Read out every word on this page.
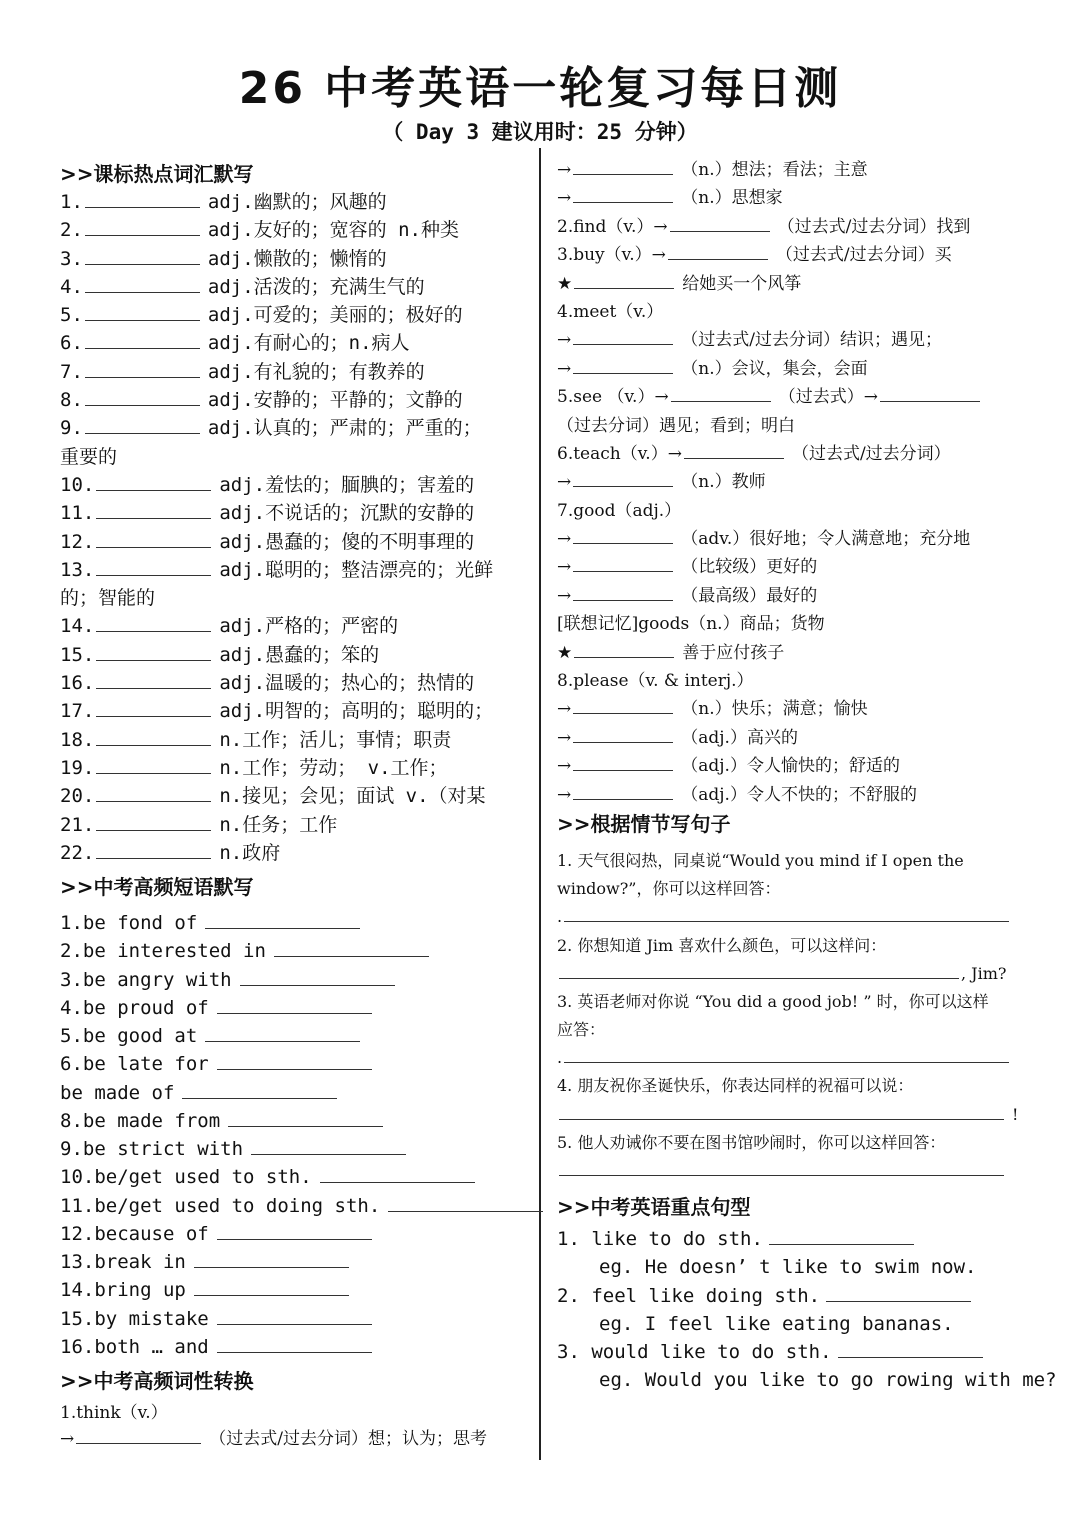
26 中考英语一轮复习每日测
（ Day 3 建议用时：25 分钟）

>>课标热点词汇默写

1.	adj.幽默的；风趣的

2.	adj.友好的；宽容的 n.种类

3.	adj.懒散的；懒惰的

4.	adj.活泼的；充满生气的

5.	adj.可爱的；美丽的；极好的

6.	adj.有耐心的；n.病人

7.	adj.有礼貌的；有教养的

8.	adj.安静的；平静的；文静的

9.	adj.认真的；严肃的；严重的；

重要的

10.	adj.羞怯的；腼腆的；害羞的

11.	adj.不说话的；沉默的安静的

12.	adj.愚蠢的；傻的不明事理的

13.	adj.聪明的；整洁漂亮的；光鲜

的；智能的

14.	adj.严格的；严密的

15.	adj.愚蠢的；笨的

16.	adj.温暖的；热心的；热情的

17.	adj.明智的；高明的；聪明的；

18.	n.工作；活儿；事情；职责

19.	n.工作；劳动； v.工作；

20.	n.接见；会见；面试 v.（对某

21.	n.任务；工作

22.	n.政府

>>中考高频短语默写

1.be fond of

2.be interested in

3.be angry with

4.be proud of

5.be good at

6.be late for

be made of

8.be made from

9.be strict with

10.be/get used to sth.

11.be/get used to doing sth.

12.because of

13.break in

14.bring up

15.by mistake

16.both … and

>>中考高频词性转换

1.think（v.）

→	（过去式/过去分词）想；认为；思考

→	（n.）想法；看法；主意

→	（n.）思想家

2.find（v.）→	（过去式/过去分词）找到

3.buy（v.）→	（过去式/过去分词）买

★	给她买一个风筝

4.meet（v.）

→	（过去式/过去分词）结识；遇见；

→	（n.）会议，集会，会面

5.see （v.）→	（过去式）→

（过去分词）遇见；看到；明白

6.teach（v.）→	（过去式/过去分词）

→	（n.）教师

7.good（adj.）

→	（adv.）很好地；令人满意地；充分地

→	（比较级）更好的

→	（最高级）最好的

[联想记忆]goods（n.）商品；货物

★	善于应付孩子

8.please（v. & interj.）

→	（n.）快乐；满意；愉快

→	（adj.）高兴的

→	（adj.）令人愉快的；舒适的

→	（adj.）令人不快的；不舒服的

>>根据情节写句子

1. 天气很闷热，同桌说“Would you mind if I open the

window?”，你可以这样回答：

.

2. 你想知道 Jim 喜欢什么颜色，可以这样问：

, Jim?

3. 英语老师对你说 “You did a good job! ” 时，你可以这样

应答：

.

4. 朋友祝你圣诞快乐，你表达同样的祝福可以说：

!

5. 他人劝诫你不要在图书馆吵闹时，你可以这样回答：

>>中考英语重点句型

1. like to do sth.

eg. He doesn’ t like to swim now.

2. feel like doing sth.

eg. I feel like eating bananas.

3. would like to do sth.

eg. Would you like to go rowing with me?
